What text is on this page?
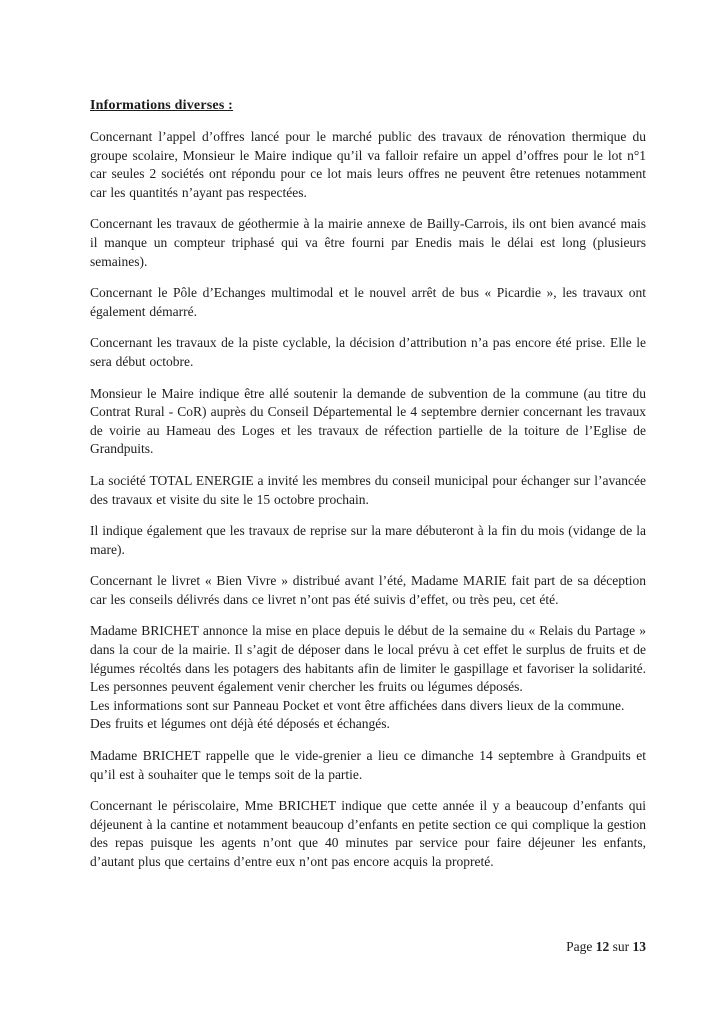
Informations diverses :

Concernant l’appel d’offres lancé pour le marché public des travaux de rénovation thermique du groupe scolaire, Monsieur le Maire indique qu’il va falloir refaire un appel d’offres pour le lot n°1 car seules 2 sociétés ont répondu pour ce lot mais leurs offres ne peuvent être retenues notamment car les quantités n’ayant pas respectées.

Concernant les travaux de géothermie à la mairie annexe de Bailly-Carrois, ils ont bien avancé mais il manque un compteur triphasé qui va être fourni par Enedis mais le délai est long (plusieurs semaines).

Concernant le Pôle d’Echanges multimodal et le nouvel arrêt de bus « Picardie », les travaux ont également démarré.

Concernant les travaux de la piste cyclable, la décision d’attribution n’a pas encore été prise. Elle le sera début octobre.

Monsieur le Maire indique être allé soutenir la demande de subvention de la commune (au titre du Contrat Rural - CoR) auprès du Conseil Départemental le 4 septembre dernier concernant les travaux de voirie au Hameau des Loges et les travaux de réfection partielle de la toiture de l’Eglise de Grandpuits.

La société TOTAL ENERGIE a invité les membres du conseil municipal pour échanger sur l’avancée des travaux et visite du site le 15 octobre prochain.

Il indique également que les travaux de reprise sur la mare débuteront à la fin du mois (vidange de la mare).

Concernant le livret « Bien Vivre » distribué avant l’été, Madame MARIE fait part de sa déception car les conseils délivrés dans ce livret n’ont pas été suivis d’effet, ou très peu, cet été.

Madame BRICHET annonce la mise en place depuis le début de la semaine du « Relais du Partage » dans la cour de la mairie. Il s’agit de déposer dans le local prévu à cet effet le surplus de fruits et de légumes récoltés dans les potagers des habitants afin de limiter le gaspillage et favoriser la solidarité. Les personnes peuvent également venir chercher les fruits ou légumes déposés.

Les informations sont sur Panneau Pocket et vont être affichées dans divers lieux de la commune.

Des fruits et légumes ont déjà été déposés et échangés.

Madame BRICHET rappelle que le vide-grenier a lieu ce dimanche 14 septembre à Grandpuits et qu’il est à souhaiter que le temps soit de la partie.

Concernant le périscolaire, Mme BRICHET indique que cette année il y a beaucoup d’enfants qui déjeunent à la cantine et notamment beaucoup d’enfants en petite section ce qui complique la gestion des repas puisque les agents n’ont que 40 minutes par service pour faire déjeuner les enfants, d’autant plus que certains d’entre eux n’ont pas encore acquis la propreté.

Page 12 sur 13
